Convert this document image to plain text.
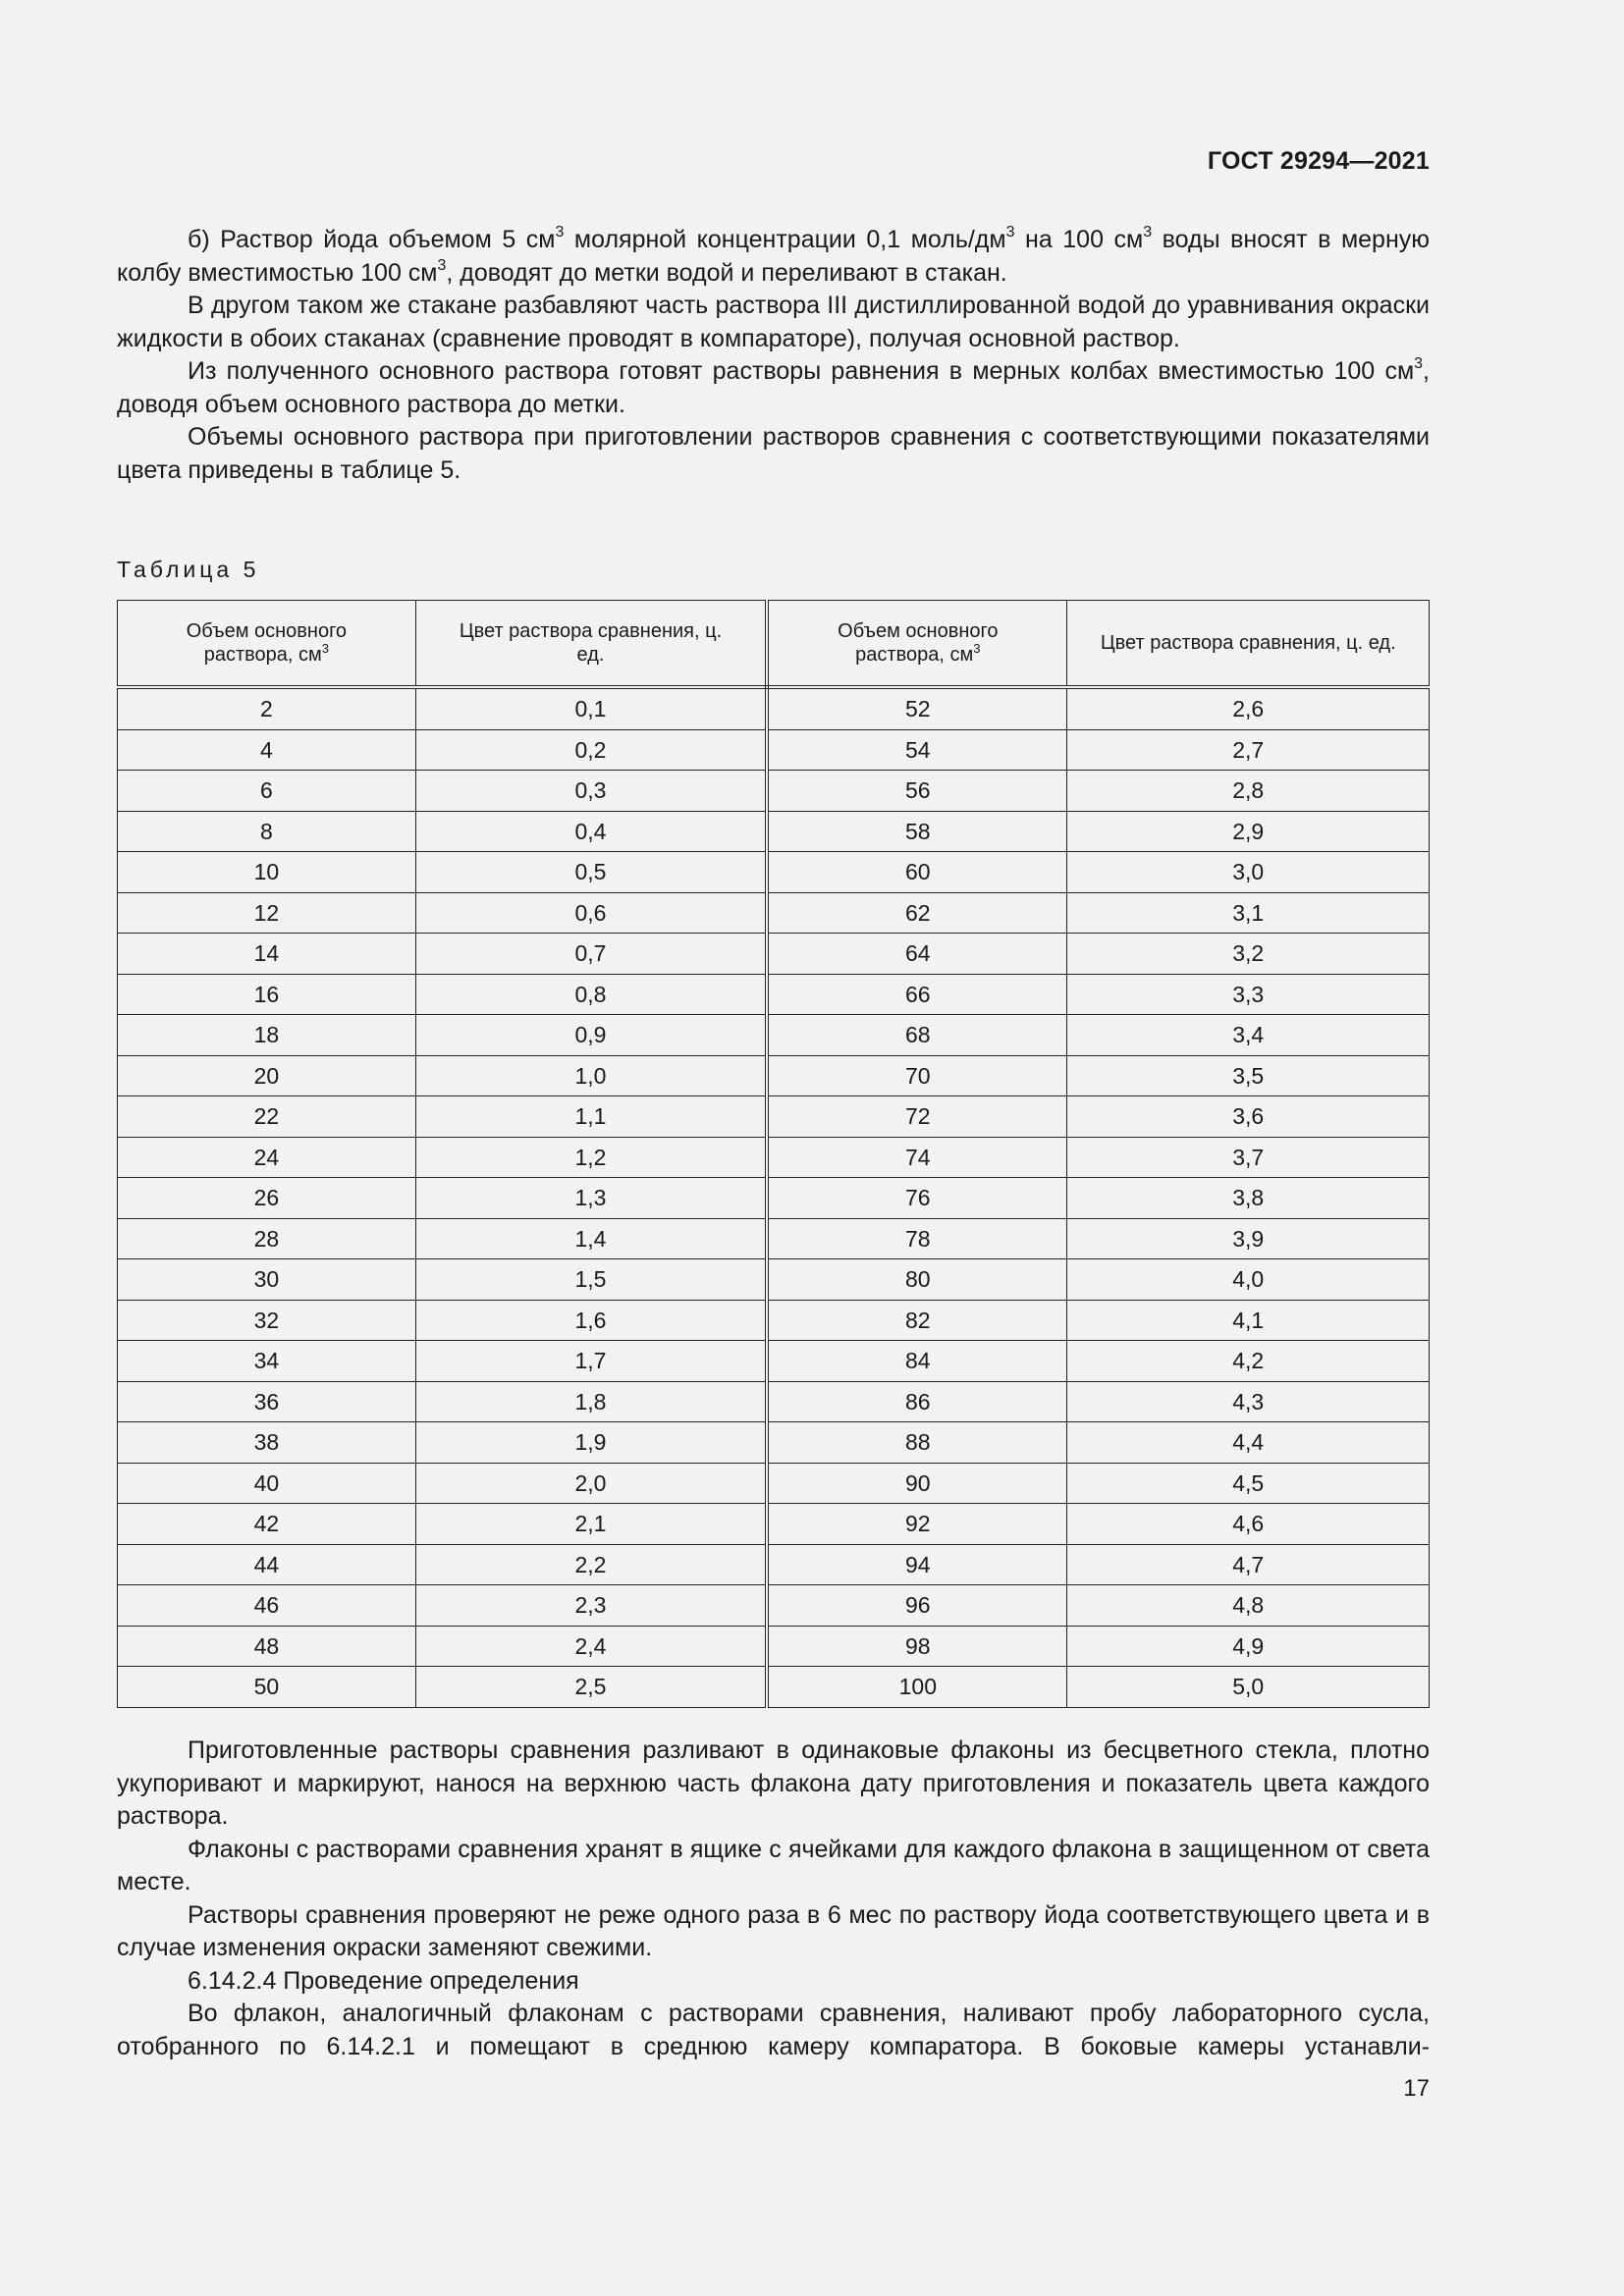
ГОСТ 29294—2021

б) Раствор йода объемом 5 $см^3$ молярной концентрации 0,1 моль/$дм^3$ на 100 $см^3$ воды вносят в мерную колбу вместимостью 100 $см^3$, доводят до метки водой и переливают в стакан.

В другом таком же стакане разбавляют часть раствора III дистиллированной водой до уравнивания окраски жидкости в обоих стаканах (сравнение проводят в компараторе), получая основной раствор.

Из полученного основного раствора готовят растворы равнения в мерных колбах вместимостью 100 $см^3$, доводя объем основного раствора до метки.

Объемы основного раствора при приготовлении растворов сравнения с соответствующими показателями цвета приведены в таблице 5.

Таблица 5
Объем основного раствора, $см^3$	Цвет раствора сравнения, ц. ед.	Объем основного раствора, $см^3$	Цвет раствора сравнения, ц. ед.
2	0,1	52	2,6
4	0,2	54	2,7
6	0,3	56	2,8
8	0,4	58	2,9
10	0,5	60	3,0
12	0,6	62	3,1
14	0,7	64	3,2
16	0,8	66	3,3
18	0,9	68	3,4
20	1,0	70	3,5
22	1,1	72	3,6
24	1,2	74	3,7
26	1,3	76	3,8
28	1,4	78	3,9
30	1,5	80	4,0
32	1,6	82	4,1
34	1,7	84	4,2
36	1,8	86	4,3
38	1,9	88	4,4
40	2,0	90	4,5
42	2,1	92	4,6
44	2,2	94	4,7
46	2,3	96	4,8
48	2,4	98	4,9
50	2,5	100	5,0

Приготовленные растворы сравнения разливают в одинаковые флаконы из бесцветного стекла, плотно укупоривают и маркируют, нанося на верхнюю часть флакона дату приготовления и показатель цвета каждого раствора.

Флаконы с растворами сравнения хранят в ящике с ячейками для каждого флакона в защищенном от света месте.

Растворы сравнения проверяют не реже одного раза в 6 мес по раствору йода соответствующего цвета и в случае изменения окраски заменяют свежими.

6.14.2.4 Проведение определения

Во флакон, аналогичный флаконам с растворами сравнения, наливают пробу лабораторного сусла, отобранного по 6.14.2.1 и помещают в среднюю камеру компаратора. В боковые камеры устанавли-

17
